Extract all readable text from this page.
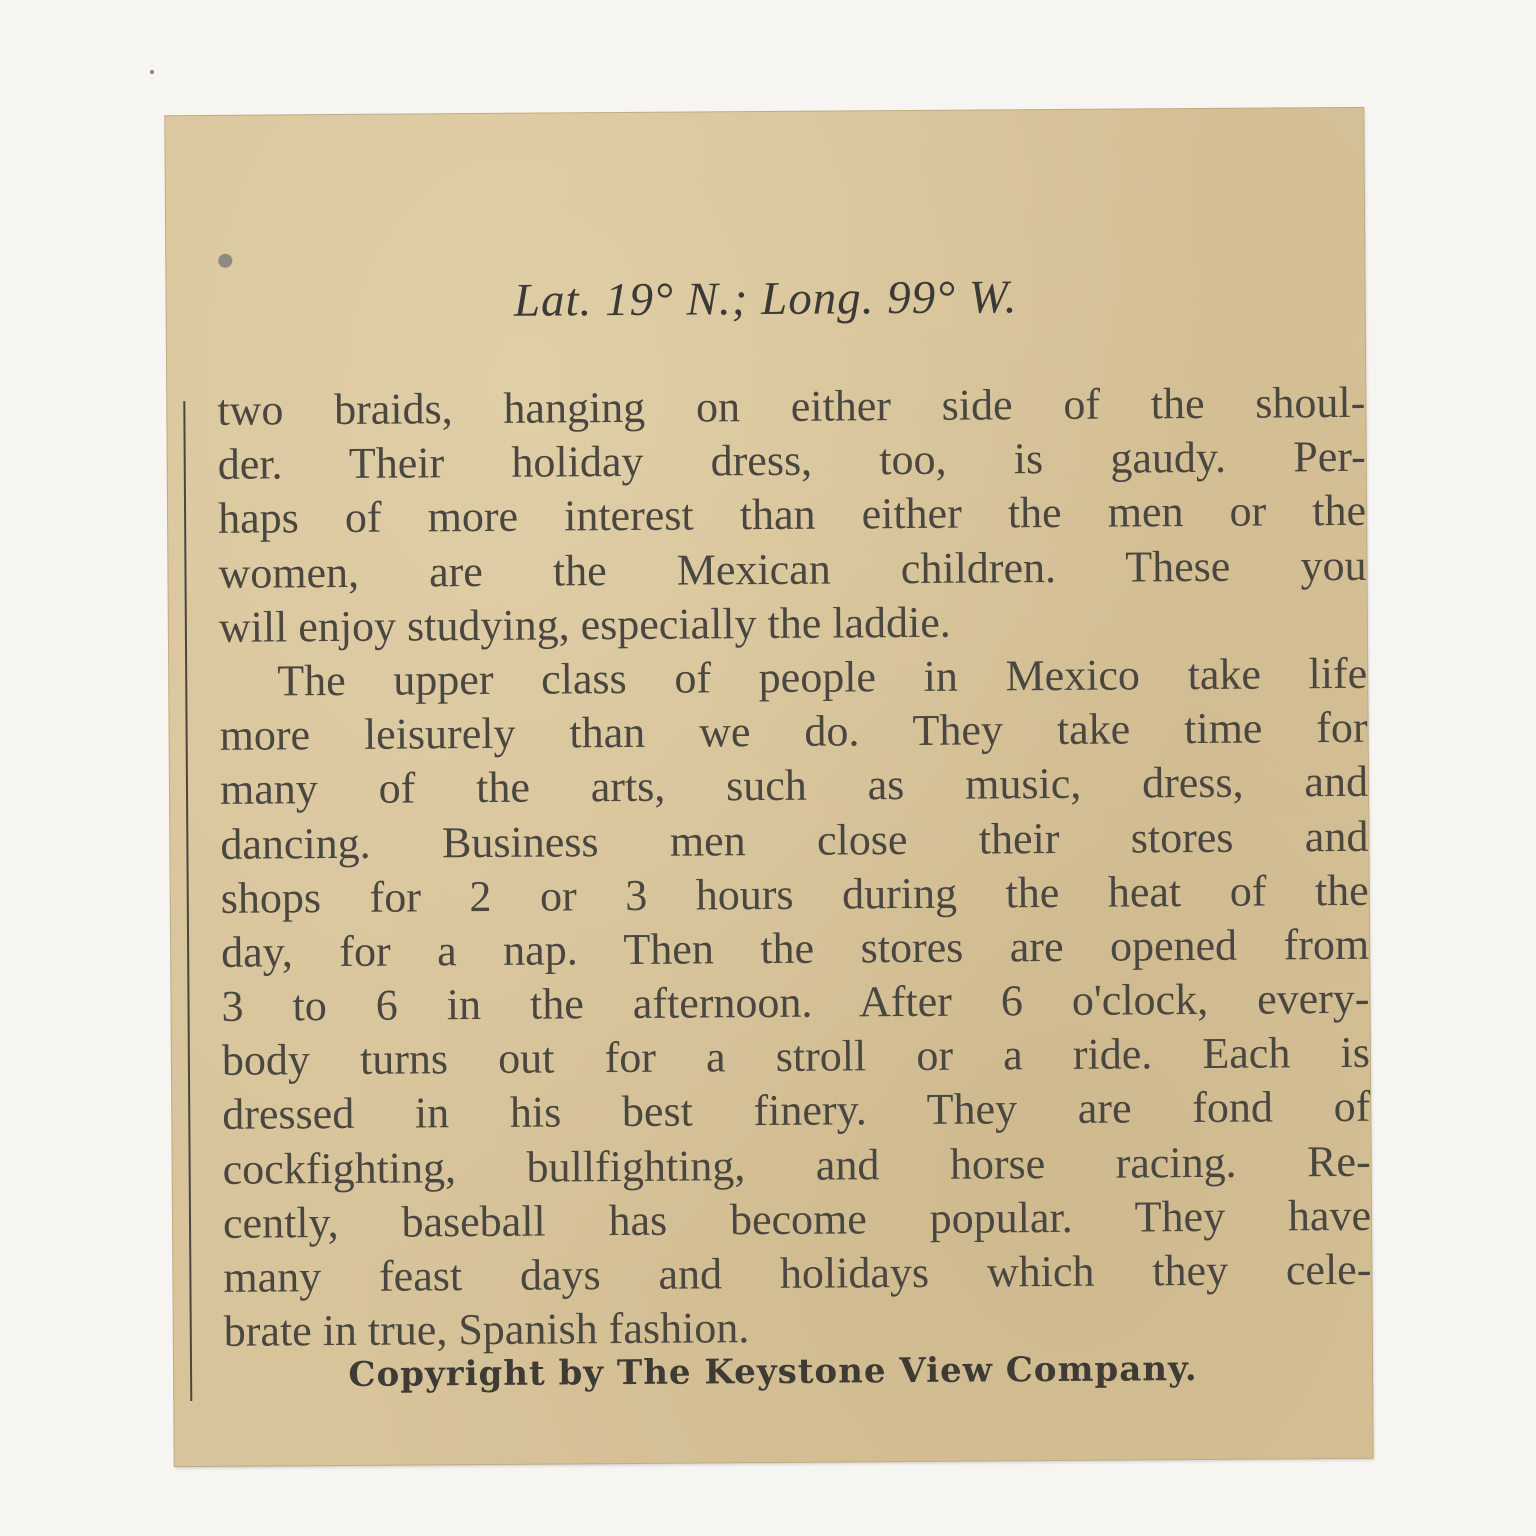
Lat. 19° N.; Long. 99° W.
two braids, hanging on either side of the shoul-
der. Their holiday dress, too, is gaudy. Per-
haps of more interest than either the men or the
women, are the Mexican children. These you
will enjoy studying, especially the laddie.
The upper class of people in Mexico take life
more leisurely than we do. They take time for
many of the arts, such as music, dress, and
dancing. Business men close their stores and
shops for 2 or 3 hours during the heat of the
day, for a nap. Then the stores are opened from
3 to 6 in the afternoon. After 6 o'clock, every-
body turns out for a stroll or a ride. Each is
dressed in his best finery. They are fond of
cockfighting, bullfighting, and horse racing. Re-
cently, baseball has become popular. They have
many feast days and holidays which they cele-
brate in true, Spanish fashion.
Copyright by The Keystone View Company.
